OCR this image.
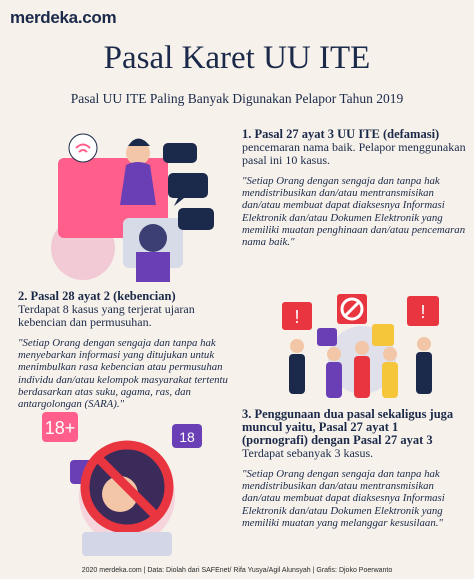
merdeka.com
Pasal Karet UU ITE
Pasal UU ITE Paling Banyak Digunakan Pelapor Tahun 2019
!	!
18+	18
1. Pasal 27 ayat 3 UU ITE (defamasi)
pencemaran nama baik. Pelapor menggunakan pasal ini 10 kasus.
"Setiap Orang dengan sengaja dan tanpa hak mendistribusikan dan/atau mentransmisikan dan/atau membuat dapat diaksesnya Informasi Elektronik dan/atau Dokumen Elektronik yang memiliki muatan penghinaan dan/atau pencemaran nama baik."
2. Pasal 28 ayat 2 (kebencian)
Terdapat 8 kasus yang terjerat ujaran kebencian dan permusuhan.
"Setiap Orang dengan sengaja dan tanpa hak menyebarkan informasi yang ditujukan untuk menimbulkan rasa kebencian atau permusuhan individu dan/atau kelompok masyarakat tertentu berdasarkan atas suku, agama, ras, dan antargolongan (SARA)."
3. Penggunaan dua pasal sekaligus juga muncul yaitu, Pasal 27 ayat 1 (pornografi) dengan Pasal 27 ayat 3
Terdapat sebanyak 3 kasus.
"Setiap Orang dengan sengaja dan tanpa hak mendistribusikan dan/atau mentransmisikan dan/atau membuat dapat diaksesnya Informasi Elektronik dan/atau Dokumen Elektronik yang memiliki muatan yang melanggar kesusilaan."
2020 merdeka.com | Data: Diolah dari SAFEnet/ Rifa Yusya/Agil Alunsyah | Grafis: Djoko Poerwanto
